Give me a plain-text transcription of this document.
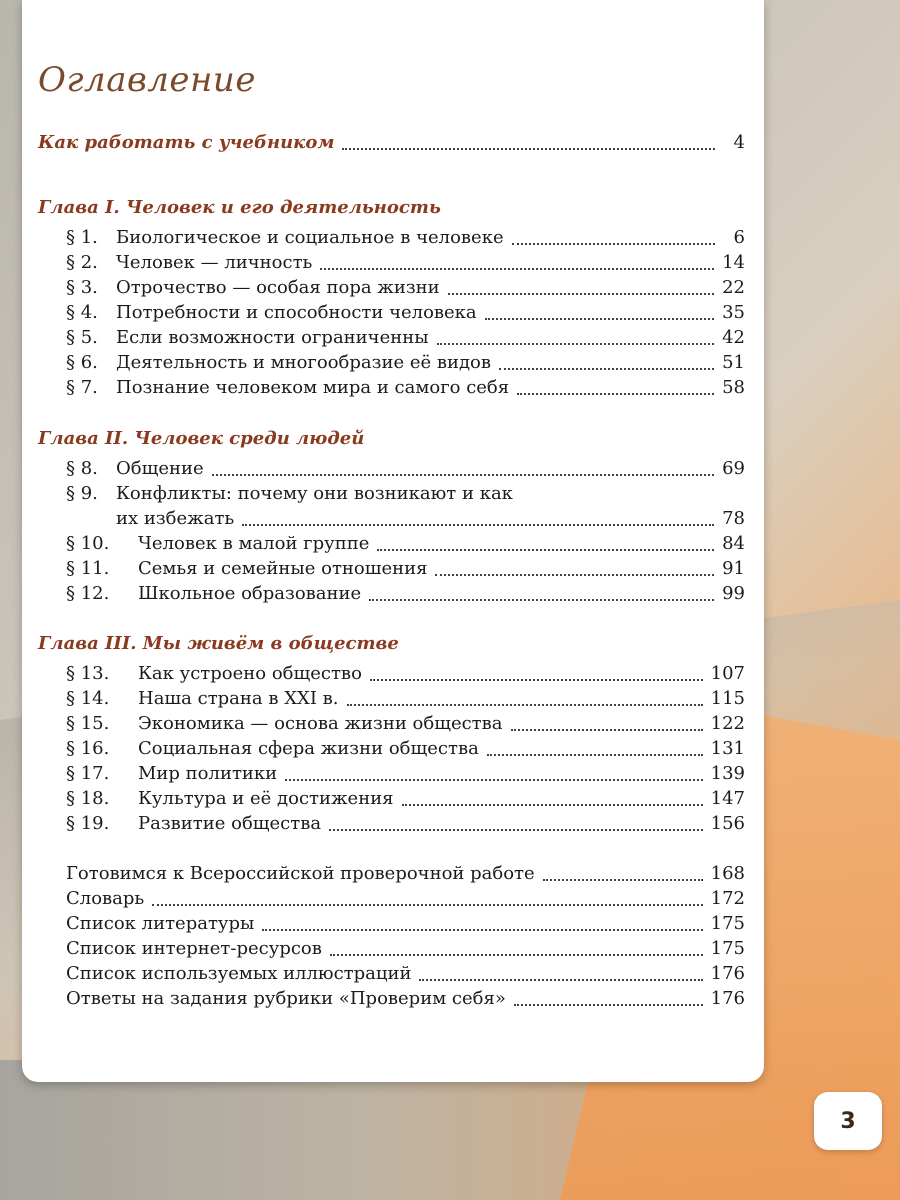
Оглавление
Как работать с учебником	4
Глава I. Человек и его деятельность
§ 1. Биологическое и социальное в человеке	6
§ 2. Человек — личность	14
§ 3. Отрочество — особая пора жизни	22
§ 4. Потребности и способности человека	35
§ 5. Если возможности ограниченны	42
§ 6. Деятельность и многообразие её видов	51
§ 7. Познание человеком мира и самого себя	58
Глава II. Человек среди людей
§ 8. Общение	69
§ 9. Конфликты: почему они возникают и как
их избежать	78
§ 10. Человек в малой группе	84
§ 11. Семья и семейные отношения	91
§ 12. Школьное образование	99
Глава III. Мы живём в обществе
§ 13. Как устроено общество	107
§ 14. Наша страна в XXI в.	115
§ 15. Экономика — основа жизни общества	122
§ 16. Социальная сфера жизни общества	131
§ 17. Мир политики	139
§ 18. Культура и её достижения	147
§ 19. Развитие общества	156
Готовимся к Всероссийской проверочной работе	168
Словарь	172
Список литературы	175
Список интернет-ресурсов	175
Список используемых иллюстраций	176
Ответы на задания рубрики «Проверим себя»	176
3
